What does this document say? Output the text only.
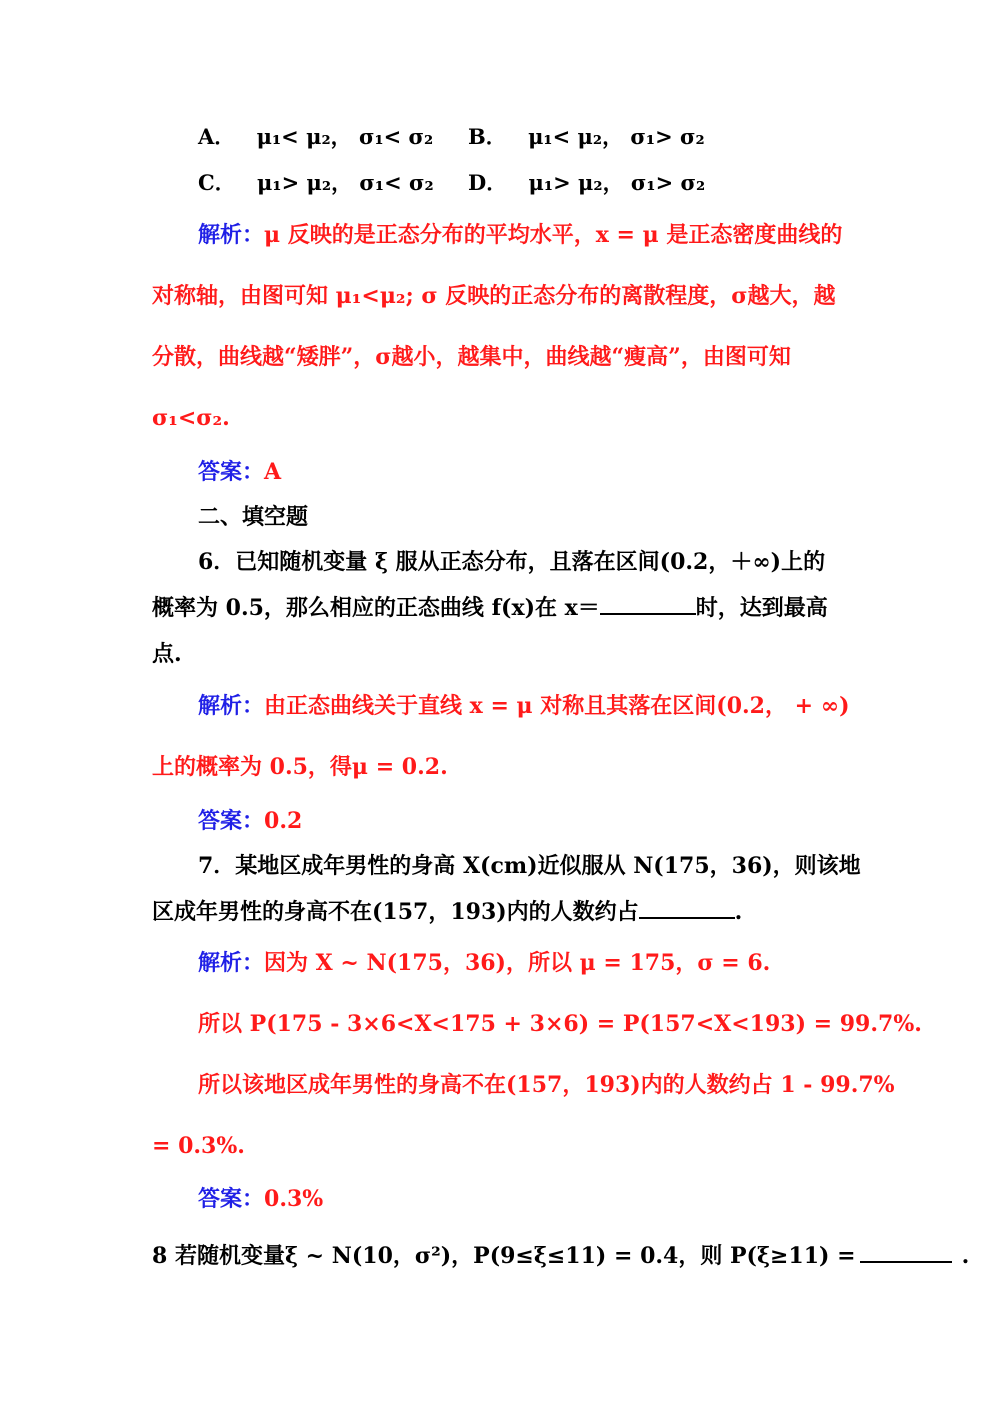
A． μ₁< μ₂， σ₁< σ₂ B． μ₁< μ₂， σ₁> σ₂
C． μ₁> μ₂， σ₁< σ₂ D． μ₁> μ₂， σ₁> σ₂
解析：μ 反映的是正态分布的平均水平，x = μ 是正态密度曲线的
对称轴，由图可知 μ₁<μ₂; σ 反映的正态分布的离散程度，σ越大，越
分散，曲线越“矮胖”，σ越小，越集中，曲线越“瘦高”，由图可知
σ₁<σ₂.
答案：A
二、填空题
6．已知随机变量 ξ 服从正态分布，且落在区间(0.2，＋∞)上的
概率为 0.5，那么相应的正态曲线 f(x)在 x＝	时，达到最高
点.
解析：由正态曲线关于直线 x = μ 对称且其落在区间(0.2， + ∞)
上的概率为 0.5，得μ = 0.2.
答案：0.2
7．某地区成年男性的身高 X(cm)近似服从 N(175，36)，则该地
区成年男性的身高不在(157，193)内的人数约占	.
解析：因为 X ~ N(175，36)，所以 μ = 175，σ = 6.
所以 P(175 - 3×6<X<175 + 3×6) = P(157<X<193) = 99.7%.
所以该地区成年男性的身高不在(157，193)内的人数约占 1 - 99.7%
= 0.3%.
答案：0.3%
8 若随机变量ξ ~ N(10，σ²)，P(9≤ξ≤11) = 0.4，则 P(ξ≥11) =	.
